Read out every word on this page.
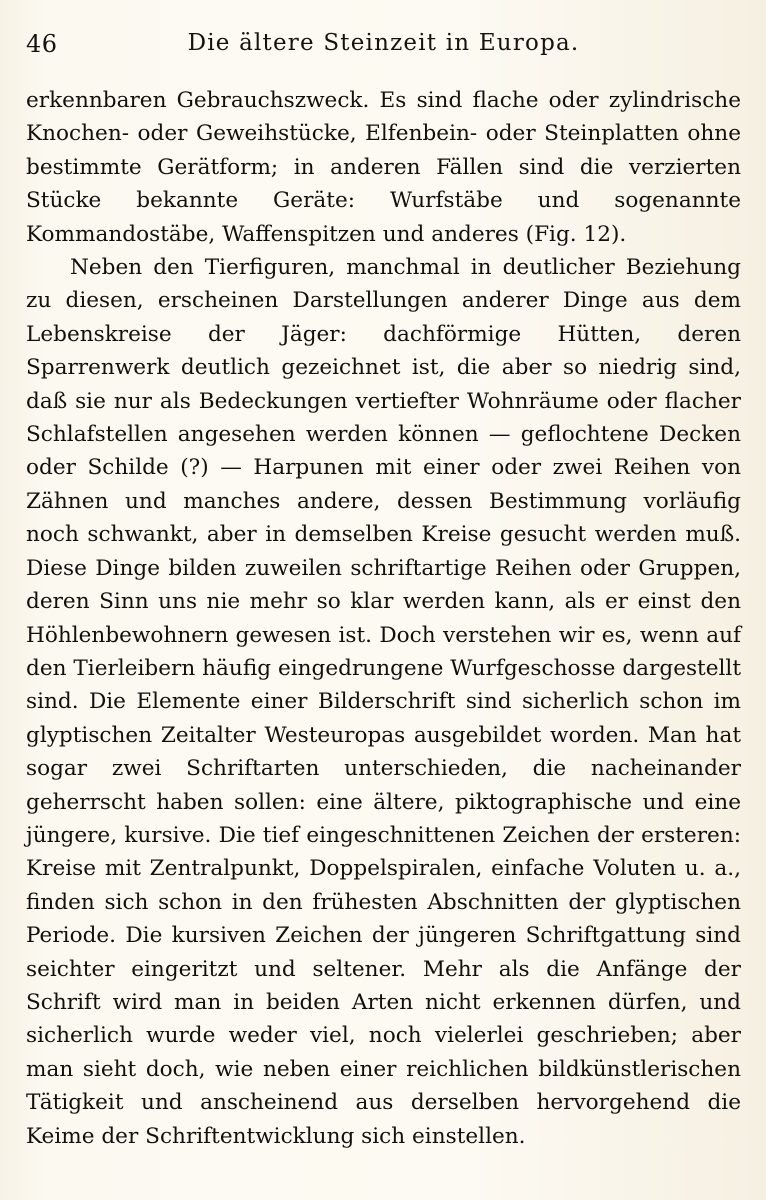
46	Die ältere Steinzeit in Europa.

erkennbaren Gebrauchszweck. Es sind flache oder zylindrische Knochen- oder Geweihstücke, Elfenbein- oder Steinplatten ohne bestimmte Gerätform; in anderen Fällen sind die verzierten Stücke bekannte Geräte: Wurfstäbe und sogenannte Kommandostäbe, Waffenspitzen und anderes (Fig. 12).

Neben den Tierfiguren, manchmal in deutlicher Beziehung zu diesen, erscheinen Darstellungen anderer Dinge aus dem Lebenskreise der Jäger: dachförmige Hütten, deren Sparrenwerk deutlich gezeichnet ist, die aber so niedrig sind, daß sie nur als Bedeckungen vertiefter Wohnräume oder flacher Schlafstellen angesehen werden können — geflochtene Decken oder Schilde (?) — Harpunen mit einer oder zwei Reihen von Zähnen und manches andere, dessen Bestimmung vorläufig noch schwankt, aber in demselben Kreise gesucht werden muß. Diese Dinge bilden zuweilen schriftartige Reihen oder Gruppen, deren Sinn uns nie mehr so klar werden kann, als er einst den Höhlenbewohnern gewesen ist. Doch verstehen wir es, wenn auf den Tierleibern häufig eingedrungene Wurfgeschosse dargestellt sind. Die Elemente einer Bilderschrift sind sicherlich schon im glyptischen Zeitalter Westeuropas ausgebildet worden. Man hat sogar zwei Schriftarten unterschieden, die nacheinander geherrscht haben sollen: eine ältere, piktographische und eine jüngere, kursive. Die tief eingeschnittenen Zeichen der ersteren: Kreise mit Zentralpunkt, Doppelspiralen, einfache Voluten u. a., finden sich schon in den frühesten Abschnitten der glyptischen Periode. Die kursiven Zeichen der jüngeren Schriftgattung sind seichter eingeritzt und seltener. Mehr als die Anfänge der Schrift wird man in beiden Arten nicht erkennen dürfen, und sicherlich wurde weder viel, noch vielerlei geschrieben; aber man sieht doch, wie neben einer reichlichen bildkünstlerischen Tätigkeit und anscheinend aus derselben hervorgehend die Keime der Schriftentwicklung sich einstellen.
